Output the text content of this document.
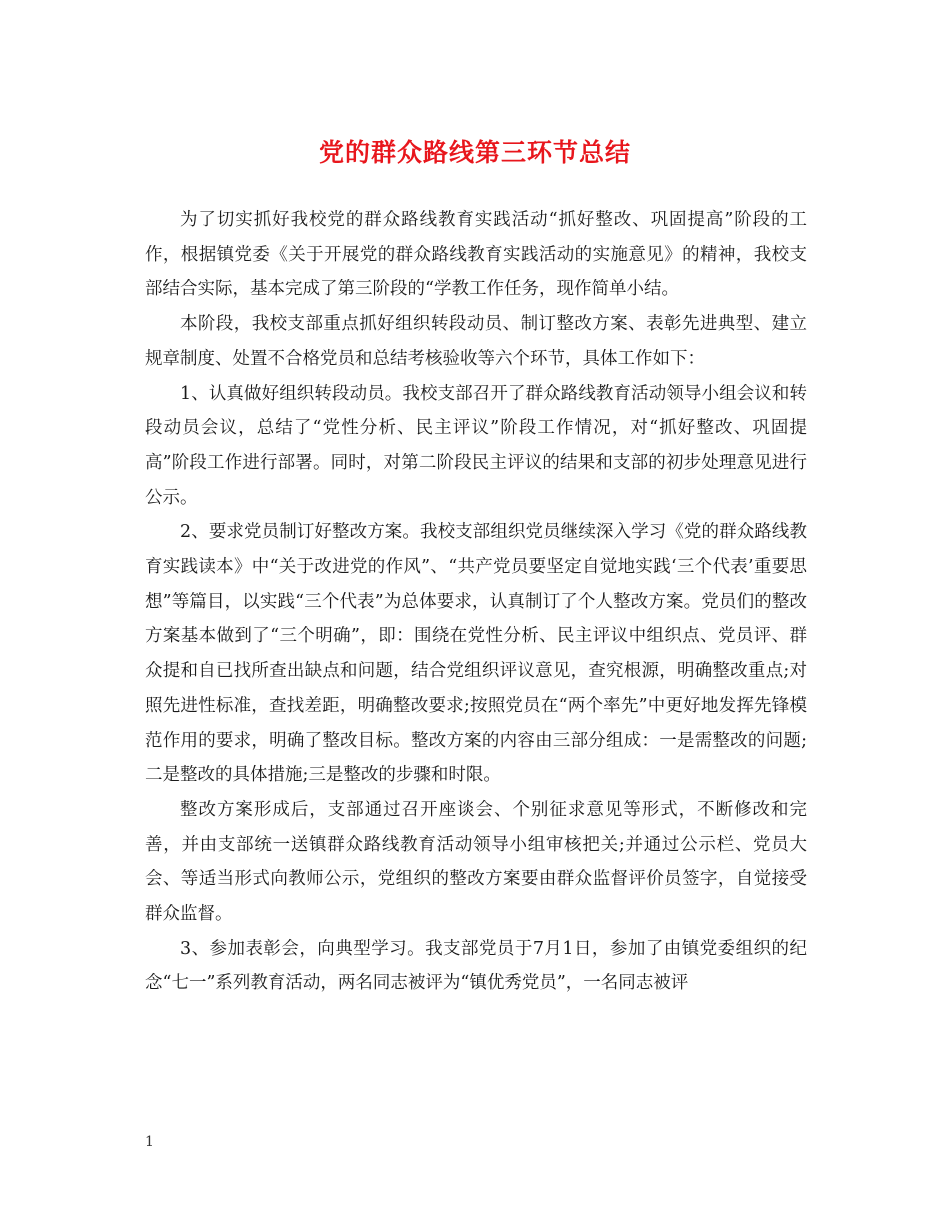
党的群众路线第三环节总结

为了切实抓好我校党的群众路线教育实践活动“抓好整改、巩固提高”阶段的工作，根据镇党委《关于开展党的群众路线教育实践活动的实施意见》的精神，我校支部结合实际，基本完成了第三阶段的“学教工作任务，现作简单小结。

本阶段，我校支部重点抓好组织转段动员、制订整改方案、表彰先进典型、建立规章制度、处置不合格党员和总结考核验收等六个环节，具体工作如下：

1、认真做好组织转段动员。我校支部召开了群众路线教育活动领导小组会议和转段动员会议，总结了“党性分析、民主评议”阶段工作情况，对“抓好整改、巩固提高”阶段工作进行部署。同时，对第二阶段民主评议的结果和支部的初步处理意见进行公示。

2、要求党员制订好整改方案。我校支部组织党员继续深入学习《党的群众路线教育实践读本》中“关于改进党的作风”、“共产党员要坚定自觉地实践‘三个代表’重要思想”等篇目，以实践“三个代表”为总体要求，认真制订了个人整改方案。党员们的整改方案基本做到了“三个明确”，即：围绕在党性分析、民主评议中组织点、党员评、群众提和自已找所查出缺点和问题，结合党组织评议意见，查究根源，明确整改重点;对照先进性标准，查找差距，明确整改要求;按照党员在“两个率先”中更好地发挥先锋模范作用的要求，明确了整改目标。整改方案的内容由三部分组成：一是需整改的问题;二是整改的具体措施;三是整改的步骤和时限。

整改方案形成后，支部通过召开座谈会、个别征求意见等形式，不断修改和完善，并由支部统一送镇群众路线教育活动领导小组审核把关;并通过公示栏、党员大会、等适当形式向教师公示，党组织的整改方案要由群众监督评价员签字，自觉接受群众监督。

3、参加表彰会，向典型学习。我支部党员于7月1日，参加了由镇党委组织的纪念“七一”系列教育活动，两名同志被评为“镇优秀党员”，一名同志被评

1
